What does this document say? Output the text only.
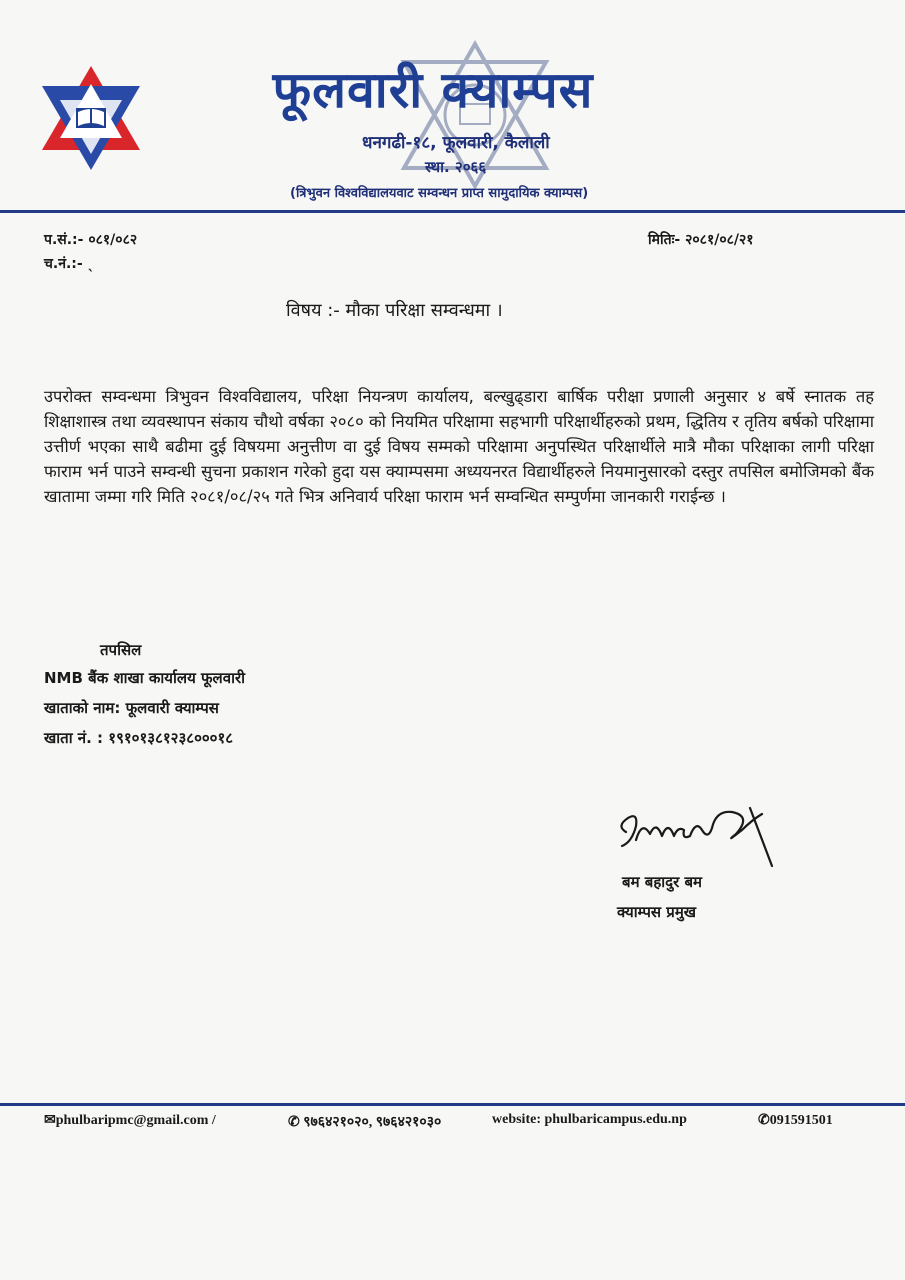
फूलवारी क्याम्पस
धनगढी-१८, फूलवारी, कैलाली
स्था. २०६६
(त्रिभुवन विश्वविद्यालयवाट सम्वन्धन प्राप्त सामुदायिक क्याम्पस)
प.सं.:- ०८१/०८२
च.नं.:- ˎ
मितिः- २०८१/०८/२१
विषय :- मौका परिक्षा सम्वन्धमा ।
उपरोक्त सम्वन्धमा त्रिभुवन विश्वविद्यालय, परिक्षा नियन्त्रण कार्यालय, बल्खुढ्डारा बार्षिक परीक्षा प्रणाली अनुसार ४ बर्षे स्नातक तह शिक्षाशास्त्र तथा व्यवस्थापन संकाय चौथो वर्षका २०८० को नियमित परिक्षामा सहभागी परिक्षार्थीहरुको प्रथम, द्धितिय र तृतिय बर्षको परिक्षामा उत्तीर्ण भएका साथै बढीमा दुई विषयमा अनुत्तीण वा दुई विषय सम्मको परिक्षामा अनुपस्थित परिक्षार्थीले मात्रै मौका परिक्षाका लागी परिक्षा फाराम भर्न पाउने सम्वन्धी सुचना प्रकाशन गरेको हुदा यस क्याम्पसमा अध्ययनरत विद्यार्थीहरुले नियमानुसारको दस्तुर तपसिल बमोजिमको बैंक खातामा जम्मा गरि मिति २०८१/०८/२५ गते भित्र अनिवार्य परिक्षा फाराम भर्न सम्वन्धित सम्पुर्णमा जानकारी गराईन्छ ।
तपसिल
NMB बैंक शाखा कार्यालय फूलवारी
खाताको नाम: फूलवारी क्याम्पस
खाता नं. : १९१०१३८१२३८०००१८
बम बहादुर बम
क्याम्पस प्रमुख
✉phulbaripmc@gmail.com /	✆ ९७६४२१०२०, ९७६४२१०३०	website: phulbaricampus.edu.np	✆091591501
